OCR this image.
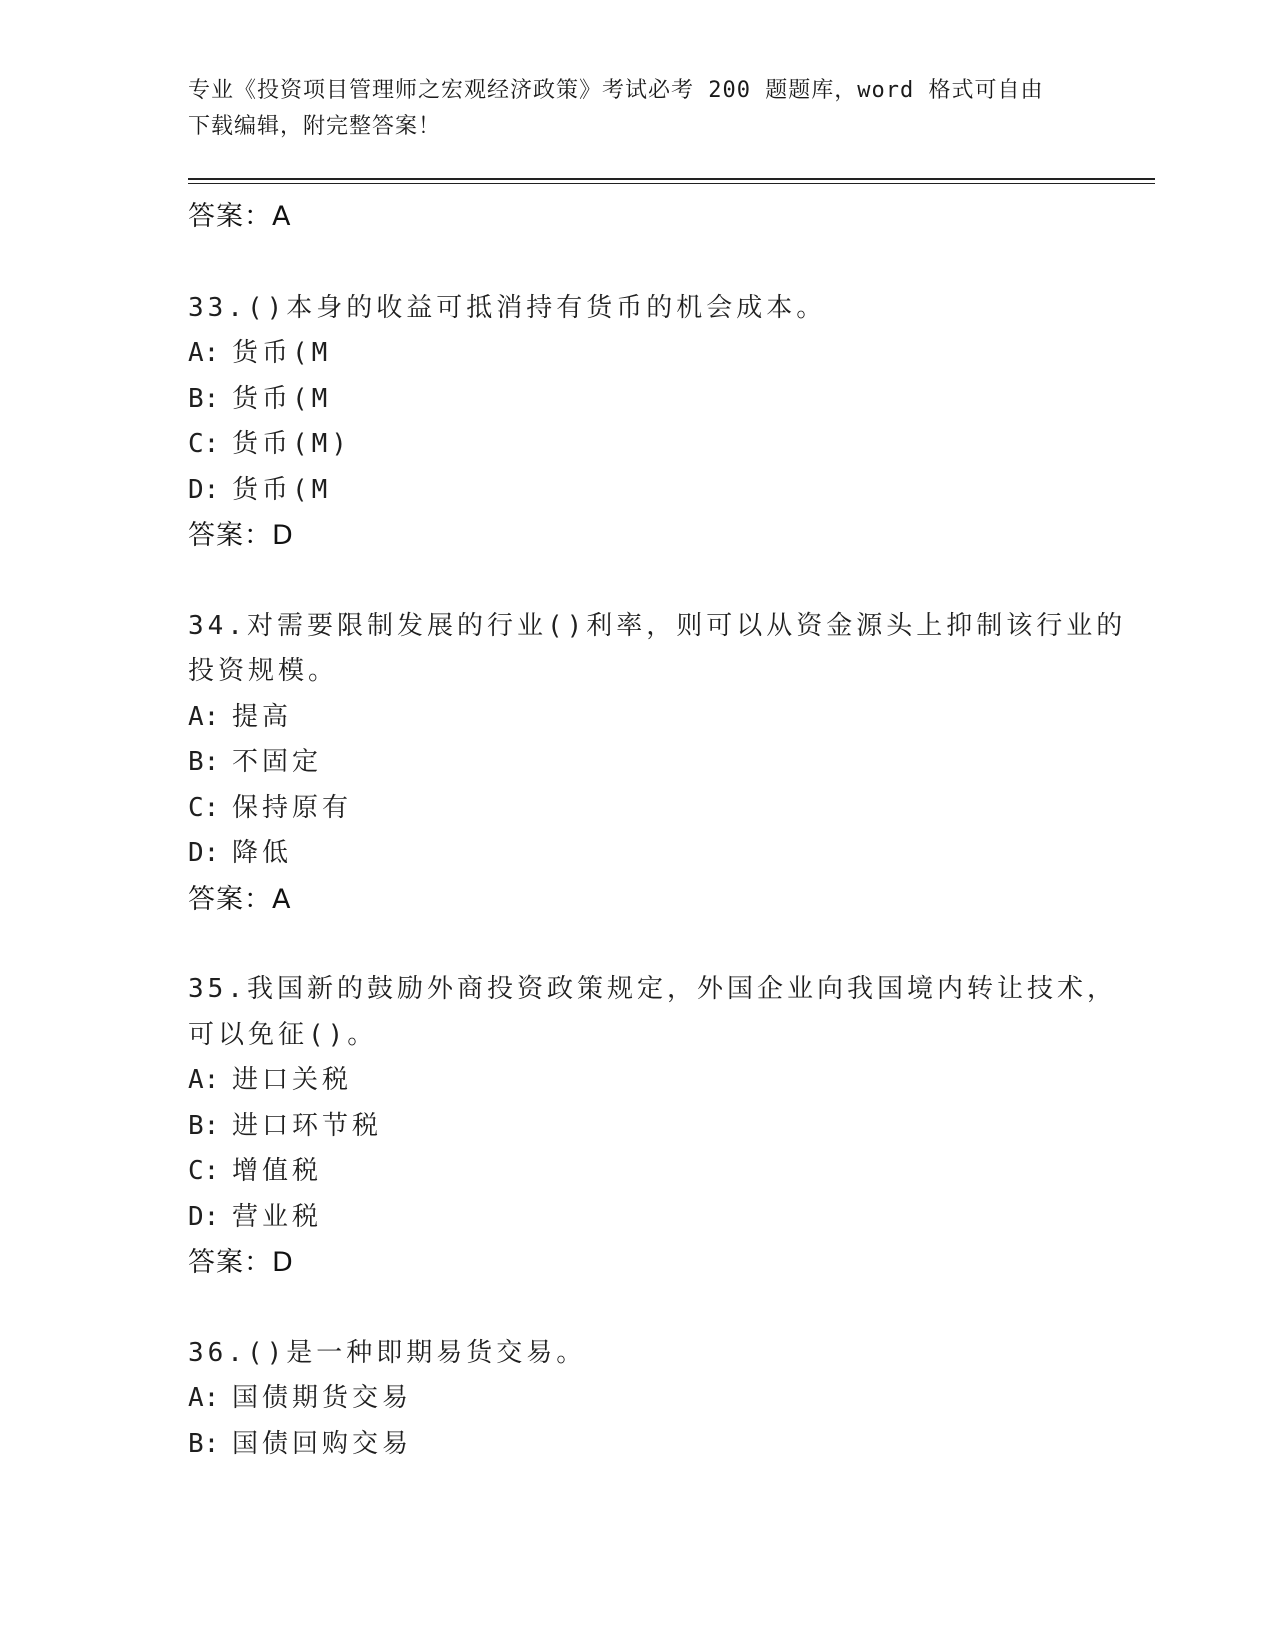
专业《投资项目管理师之宏观经济政策》考试必考 200 题题库，word 格式可自由
下载编辑，附完整答案！
答案：A
33.()本身的收益可抵消持有货币的机会成本。
A: 货币(M
B: 货币(M
C: 货币(M)
D: 货币(M
答案：D
34.对需要限制发展的行业()利率，则可以从资金源头上抑制该行业的
投资规模。
A: 提高
B: 不固定
C: 保持原有
D: 降低
答案：A
35.我国新的鼓励外商投资政策规定，外国企业向我国境内转让技术，
可以免征()。
A: 进口关税
B: 进口环节税
C: 增值税
D: 营业税
答案：D
36.()是一种即期易货交易。
A: 国债期货交易
B: 国债回购交易
